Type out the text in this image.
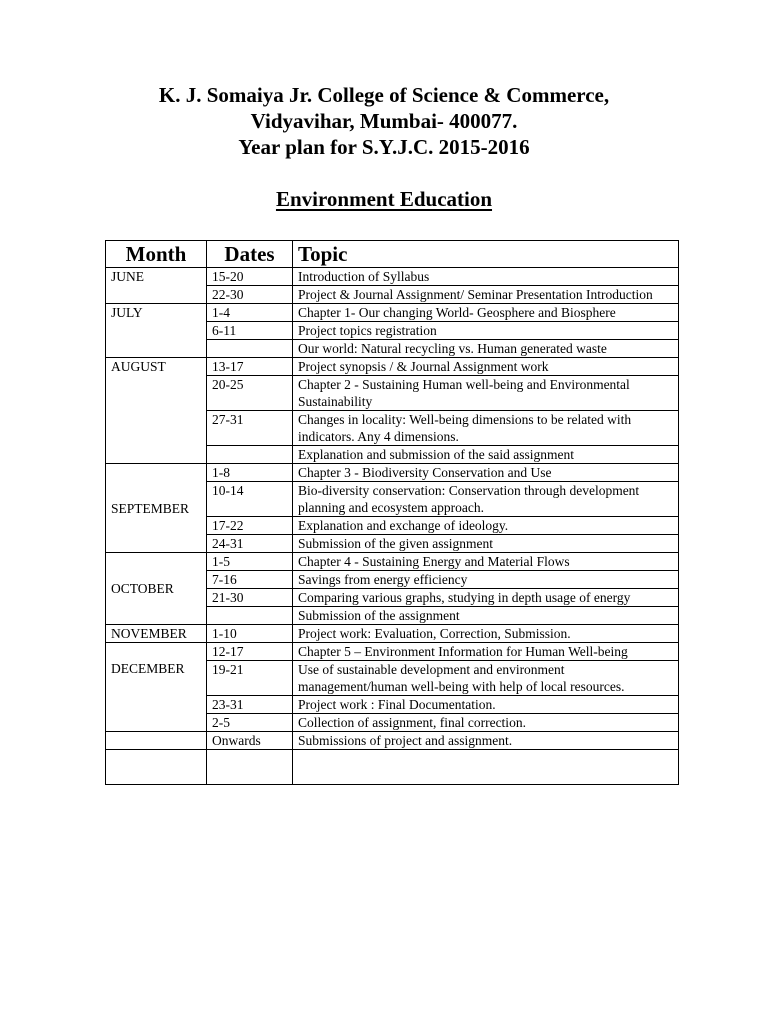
K. J. Somaiya Jr. College of Science & Commerce,
Vidyavihar, Mumbai- 400077.
Year plan for S.Y.J.C. 2015-2016
Environment Education
Month	Dates	Topic
JUNE	15-20	Introduction of Syllabus
	22-30	Project & Journal Assignment/ Seminar Presentation Introduction
JULY	1-4	Chapter 1- Our changing World- Geosphere and Biosphere
	6-11	Project topics registration
		Our world: Natural recycling vs. Human generated waste
AUGUST	13-17	Project synopsis / & Journal Assignment work
	20-25	Chapter 2 - Sustaining Human well-being and Environmental Sustainability
	27-31	Changes in locality: Well-being dimensions to be related with indicators. Any 4 dimensions.
		Explanation and submission of the said assignment
SEPTEMBER	1-8	Chapter 3 - Biodiversity Conservation and Use
	10-14	Bio-diversity conservation: Conservation through development planning and ecosystem approach.
	17-22	Explanation and exchange of ideology.
	24-31	Submission of the given assignment
OCTOBER	1-5	Chapter 4 - Sustaining Energy and Material Flows
	7-16	Savings from energy efficiency
	21-30	Comparing various graphs, studying in depth usage of energy
		Submission of the assignment
NOVEMBER	1-10	Project work: Evaluation, Correction, Submission.
DECEMBER	12-17	Chapter 5 – Environment Information for Human Well-being
	19-21	Use of sustainable development and environment management/human well-being with help of local resources.
	23-31	Project work : Final Documentation.
	2-5	Collection of assignment, final correction.
	Onwards	Submissions of project and assignment.
